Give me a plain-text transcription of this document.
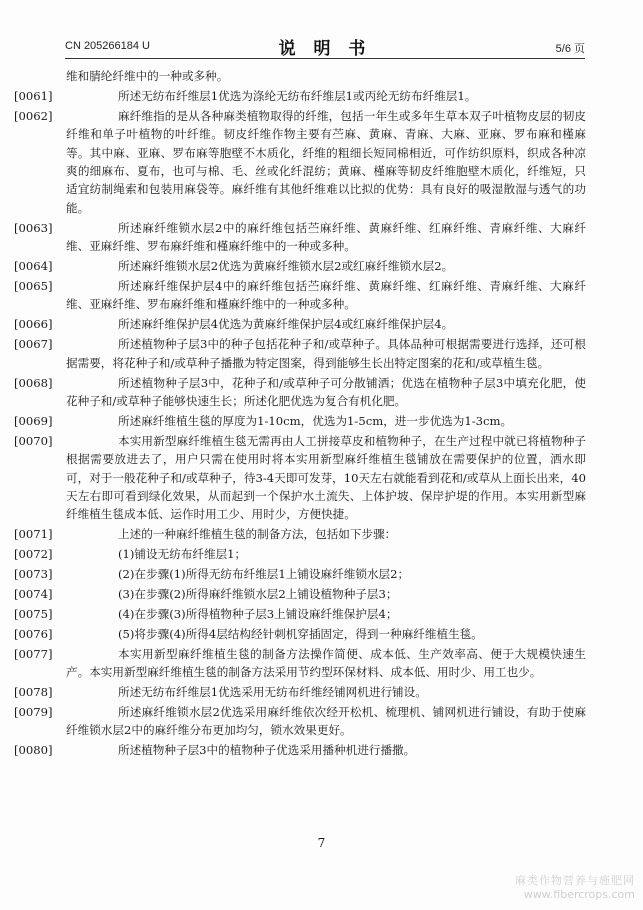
CN 205266184 U	说 明 书	5/6 页

维和腈纶纤维中的一种或多种。

[0061]	所述无纺布纤维层1优选为涤纶无纺布纤维层1或丙纶无纺布纤维层1。

[0062]	麻纤维指的是从各种麻类植物取得的纤维，包括一年生或多年生草本双子叶植物皮层的韧皮纤维和单子叶植物的叶纤维。韧皮纤维作物主要有苎麻、黄麻、青麻、大麻、亚麻、罗布麻和槿麻等。其中麻、亚麻、罗布麻等胞壁不木质化，纤维的粗细长短同棉相近，可作纺织原料，织成各种凉爽的细麻布、夏布，也可与棉、毛、丝或化纤混纺；黄麻、槿麻等韧皮纤维胞壁木质化，纤维短，只适宜纺制绳索和包装用麻袋等。麻纤维有其他纤维难以比拟的优势：具有良好的吸湿散湿与透气的功能。

[0063]	所述麻纤维锁水层2中的麻纤维包括苎麻纤维、黄麻纤维、红麻纤维、青麻纤维、大麻纤维、亚麻纤维、罗布麻纤维和槿麻纤维中的一种或多种。

[0064]	所述麻纤维锁水层2优选为黄麻纤维锁水层2或红麻纤维锁水层2。

[0065]	所述麻纤维保护层4中的麻纤维包括苎麻纤维、黄麻纤维、红麻纤维、青麻纤维、大麻纤维、亚麻纤维、罗布麻纤维和槿麻纤维中的一种或多种。

[0066]	所述麻纤维保护层4优选为黄麻纤维保护层4或红麻纤维保护层4。

[0067]	所述植物种子层3中的种子包括花种子和/或草种子。具体品种可根据需要进行选择，还可根据需要，将花种子和/或草种子播撒为特定图案，得到能够生长出特定图案的花和/或草植生毯。

[0068]	所述植物种子层3中，花种子和/或草种子可分散铺洒；优选在植物种子层3中填充化肥，使花种子和/或草种子能够快速生长；所述化肥优选为复合有机化肥。

[0069]	所述麻纤维植生毯的厚度为1-10cm，优选为1-5cm，进一步优选为1-3cm。

[0070]	本实用新型麻纤维植生毯无需再由人工拼接草皮和植物种子，在生产过程中就已将植物种子根据需要放进去了，用户只需在使用时将本实用新型麻纤维植生毯铺放在需要保护的位置，洒水即可，对于一般花种子和/或草种子，待3-4天即可发芽，10天左右就能看到花和/或草从上面长出来，40天左右即可看到绿化效果，从而起到一个保护水土流失、上体护坡、保岸护堤的作用。本实用新型麻纤维植生毯成本低、运作时用工少、用时少，方便快捷。

[0071]	上述的一种麻纤维植生毯的制备方法，包括如下步骤：

[0072]	(1)铺设无纺布纤维层1；

[0073]	(2)在步骤(1)所得无纺布纤维层1上铺设麻纤维锁水层2；

[0074]	(3)在步骤(2)所得麻纤维锁水层2上铺设植物种子层3；

[0075]	(4)在步骤(3)所得植物种子层3上铺设麻纤维保护层4；

[0076]	(5)将步骤(4)所得4层结构经针刺机穿插固定，得到一种麻纤维植生毯。

[0077]	本实用新型麻纤维植生毯的制备方法操作简便、成本低、生产效率高、便于大规模快速生产。本实用新型麻纤维植生毯的制备方法采用节约型环保材料、成本低、用时少、用工也少。

[0078]	所述无纺布纤维层1优选采用无纺布纤维经铺网机进行铺设。

[0079]	所述麻纤维锁水层2优选采用麻纤维依次经开松机、梳理机、铺网机进行铺设，有助于使麻纤维锁水层2中的麻纤维分布更加均匀，锁水效果更好。

[0080]	所述植物种子层3中的植物种子优选采用播种机进行播撒。

7
麻类作物营养与施肥网
www.fibercrops.com
